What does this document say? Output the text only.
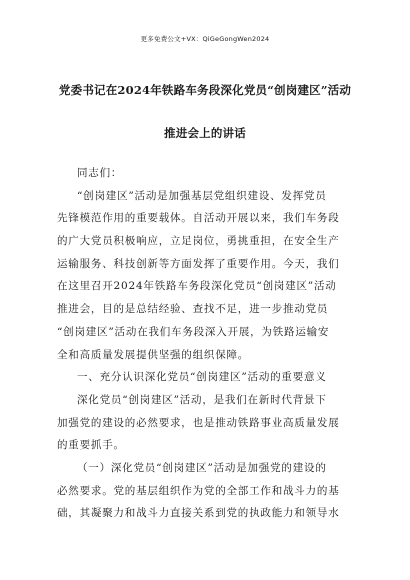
更多免费公文+VX：QiGeGongWen2024
党委书记在2024年铁路车务段深化党员“创岗建区”活动
推进会上的讲话
同志们：
“创岗建区”活动是加强基层党组织建设、发挥党员
先锋模范作用的重要载体。自活动开展以来，我们车务段
的广大党员积极响应，立足岗位，勇挑重担，在安全生产
运输服务、科技创新等方面发挥了重要作用。今天，我们
在这里召开2024年铁路车务段深化党员“创岗建区”活动
推进会，目的是总结经验、查找不足，进一步推动党员
“创岗建区”活动在我们车务段深入开展，为铁路运输安
全和高质量发展提供坚强的组织保障。
一、充分认识深化党员“创岗建区”活动的重要意义
深化党员“创岗建区”活动，是我们在新时代背景下
加强党的建设的必然要求，也是推动铁路事业高质量发展
的重要抓手。
（一）深化党员“创岗建区”活动是加强党的建设的
必然要求。党的基层组织作为党的全部工作和战斗力的基
础，其凝聚力和战斗力直接关系到党的执政能力和领导水
